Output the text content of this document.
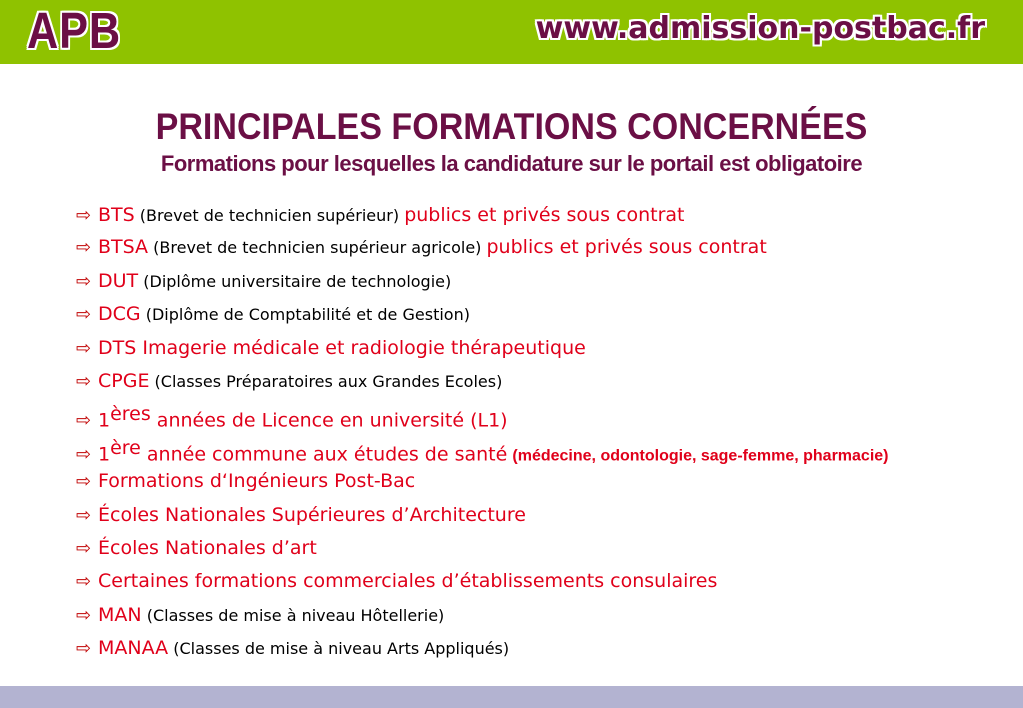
APB	www.admission-postbac.fr
PRINCIPALES FORMATIONS CONCERNÉES
Formations pour lesquelles la candidature sur le portail est obligatoire
⇨ BTS (Brevet de technicien supérieur) publics et privés sous contrat
⇨ BTSA (Brevet de technicien supérieur agricole) publics et privés sous contrat
⇨ DUT (Diplôme universitaire de technologie)
⇨ DCG (Diplôme de Comptabilité et de Gestion)
⇨ DTS Imagerie médicale et radiologie thérapeutique
⇨ CPGE (Classes Préparatoires aux Grandes Ecoles)
⇨ 1ères années de Licence en université (L1)
⇨ 1ère année commune aux études de santé (médecine, odontologie, sage-femme, pharmacie)
⇨ Formations d‘Ingénieurs Post-Bac
⇨ Écoles Nationales Supérieures d’Architecture
⇨ Écoles Nationales d’art
⇨ Certaines formations commerciales d’établissements consulaires
⇨ MAN (Classes de mise à niveau Hôtellerie)
⇨ MANAA (Classes de mise à niveau Arts Appliqués)
